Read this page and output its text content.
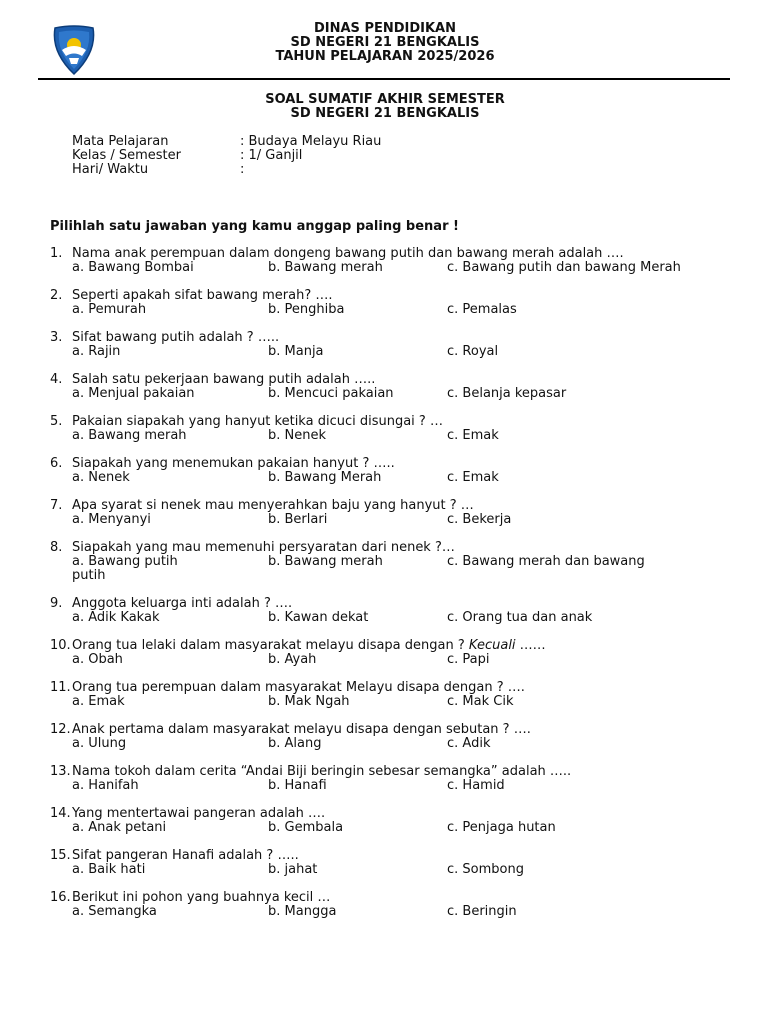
DINAS PENDIDIKAN
SD NEGERI 21 BENGKALIS
TAHUN PELAJARAN 2025/2026
SOAL SUMATIF AKHIR SEMESTER
SD NEGERI 21 BENGKALIS
Mata Pelajaran	: Budaya Melayu Riau
Kelas / Semester	: 1/ Ganjil
Hari/ Waktu	:
Pilihlah satu jawaban yang kamu anggap paling benar !
1. Nama anak perempuan dalam dongeng bawang putih dan bawang merah adalah ….
a. Bawang Bombai	b. Bawang merah	c. Bawang putih dan bawang Merah
2. Seperti apakah sifat bawang merah? ….
a. Pemurah	b. Penghiba	c. Pemalas
3. Sifat bawang putih adalah ? …..
a. Rajin	b. Manja	c. Royal
4. Salah satu pekerjaan bawang putih adalah …..
a. Menjual pakaian	b. Mencuci pakaian	c. Belanja kepasar
5. Pakaian siapakah yang hanyut ketika dicuci disungai ? …
a. Bawang merah	b. Nenek	c. Emak
6. Siapakah yang menemukan pakaian hanyut ? …..
a. Nenek	b. Bawang Merah	c. Emak
7. Apa syarat si nenek mau menyerahkan baju yang hanyut ? …
a. Menyanyi	b. Berlari	c. Bekerja
8. Siapakah yang mau memenuhi persyaratan dari nenek ?…
a. Bawang putih	b. Bawang merah	c. Bawang merah dan bawang
putih
9. Anggota keluarga inti adalah ? ….
a. Adik Kakak	b. Kawan dekat	c. Orang tua dan anak
10. Orang tua lelaki dalam masyarakat melayu disapa dengan ? Kecuali ……
a. Obah	b. Ayah	c. Papi
11. Orang tua perempuan dalam masyarakat Melayu disapa dengan ? ….
a. Emak	b. Mak Ngah	c. Mak Cik
12. Anak pertama dalam masyarakat melayu disapa dengan sebutan ? ….
a. Ulung	b. Alang	c. Adik
13. Nama tokoh dalam cerita “Andai Biji beringin sebesar semangka” adalah …..
a. Hanifah	b. Hanafi	c. Hamid
14. Yang mentertawai pangeran adalah ….
a. Anak petani	b. Gembala	c. Penjaga hutan
15. Sifat pangeran Hanafi adalah ? …..
a. Baik hati	b. jahat	c. Sombong
16. Berikut ini pohon yang buahnya kecil …
a. Semangka	b. Mangga	c. Beringin
